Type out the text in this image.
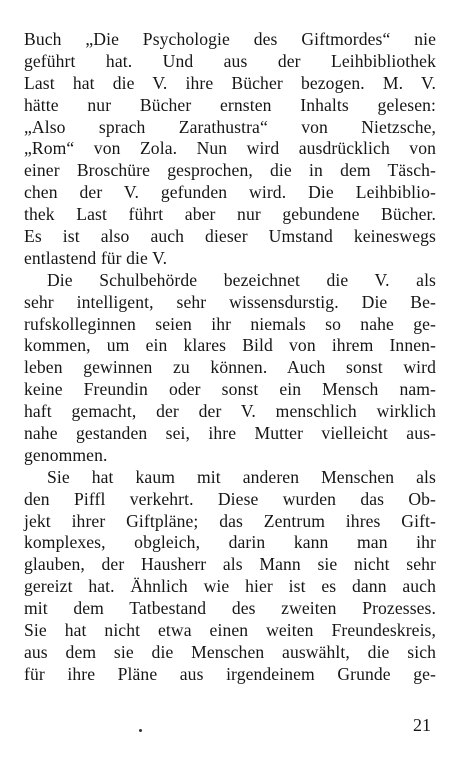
Buch „Die Psychologie des Giftmordes“ nie
geführt hat. Und aus der Leihbibliothek
Last hat die V. ihre Bücher bezogen. M. V.
hätte nur Bücher ernsten Inhalts gelesen:
„Also sprach Zarathustra“ von Nietzsche,
„Rom“ von Zola. Nun wird ausdrücklich von
einer Broschüre gesprochen, die in dem Täsch-
chen der V. gefunden wird. Die Leihbiblio-
thek Last führt aber nur gebundene Bücher.
Es ist also auch dieser Umstand keineswegs
entlastend für die V.
Die Schulbehörde bezeichnet die V. als
sehr intelligent, sehr wissensdurstig. Die Be-
rufskolleginnen seien ihr niemals so nahe ge-
kommen, um ein klares Bild von ihrem Innen-
leben gewinnen zu können. Auch sonst wird
keine Freundin oder sonst ein Mensch nam-
haft gemacht, der der V. menschlich wirklich
nahe gestanden sei, ihre Mutter vielleicht aus-
genommen.
Sie hat kaum mit anderen Menschen als
den Piffl verkehrt. Diese wurden das Ob-
jekt ihrer Giftpläne; das Zentrum ihres Gift-
komplexes, obgleich, darin kann man ihr
glauben, der Hausherr als Mann sie nicht sehr
gereizt hat. Ähnlich wie hier ist es dann auch
mit dem Tatbestand des zweiten Prozesses.
Sie hat nicht etwa einen weiten Freundeskreis,
aus dem sie die Menschen auswählt, die sich
für ihre Pläne aus irgendeinem Grunde ge-
21
